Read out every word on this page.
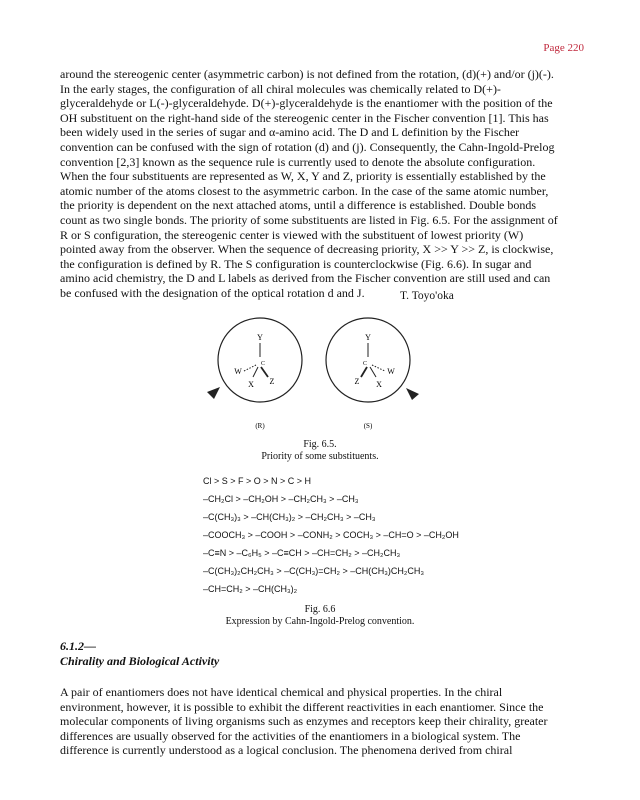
Page 220

around the stereogenic center (asymmetric carbon) is not defined from the rotation, (d)(+) and/or (j)(-).
In the early stages, the configuration of all chiral molecules was chemically related to D(+)-
glyceraldehyde or L(-)-glyceraldehyde. D(+)-glyceraldehyde is the enantiomer with the position of the
OH substituent on the right-hand side of the stereogenic center in the Fischer convention [1]. This has
been widely used in the series of sugar and α-amino acid. The D and L definition by the Fischer
convention can be confused with the sign of rotation (d) and (j). Consequently, the Cahn-Ingold-Prelog
convention [2,3] known as the sequence rule is currently used to denote the absolute configuration.
When the four substituents are represented as W, X, Y and Z, priority is essentially established by the
atomic number of the atoms closest to the asymmetric carbon. In the case of the same atomic number,
the priority is dependent on the next attached atoms, until a difference is established. Double bonds
count as two single bonds. The priority of some substituents are listed in Fig. 6.5. For the assignment of
R or S configuration, the stereogenic center is viewed with the substituent of lowest priority (W)
pointed away from the observer. When the sequence of decreasing priority, X >> Y >> Z, is clockwise,
the configuration is defined by R. The S configuration is counterclockwise (Fig. 6.6). In sugar and
amino acid chemistry, the D and L labels as derived from the Fischer convention are still used and can
be confused with the designation of the optical rotation d and J.	T. Toyo'oka
Y
C
W
X Z
(R)
Y
C
W
Z X
(S)
Fig. 6.5.
Priority of some substituents.
Cl > S > F > O > N > C > H
–CH₂Cl > –CH₂OH > –CH₂CH₃ > –CH₃
–C(CH₃)₃ > –CH(CH₃)₂ > –CH₂CH₃ > –CH₃
–COOCH₃ > –COOH > –CONH₂ > COCH₃ > –CH=O > –CH₂OH
–C≡N > –C₆H₅ > –C≡CH > –CH=CH₂ > –CH₂CH₃
–C(CH₃)₂CH₂CH₃ > –C(CH₃)=CH₂ > –CH(CH₃)CH₂CH₃
–CH=CH₂ > –CH(CH₃)₂
Fig. 6.6
Expression by Cahn-Ingold-Prelog convention.
6.1.2—
Chirality and Biological Activity

A pair of enantiomers does not have identical chemical and physical properties. In the chiral
environment, however, it is possible to exhibit the different reactivities in each enantiomer. Since the
molecular components of living organisms such as enzymes and receptors keep their chirality, greater
differences are usually observed for the activities of the enantiomers in a biological system. The
difference is currently understood as a logical conclusion. The phenomena derived from chiral
